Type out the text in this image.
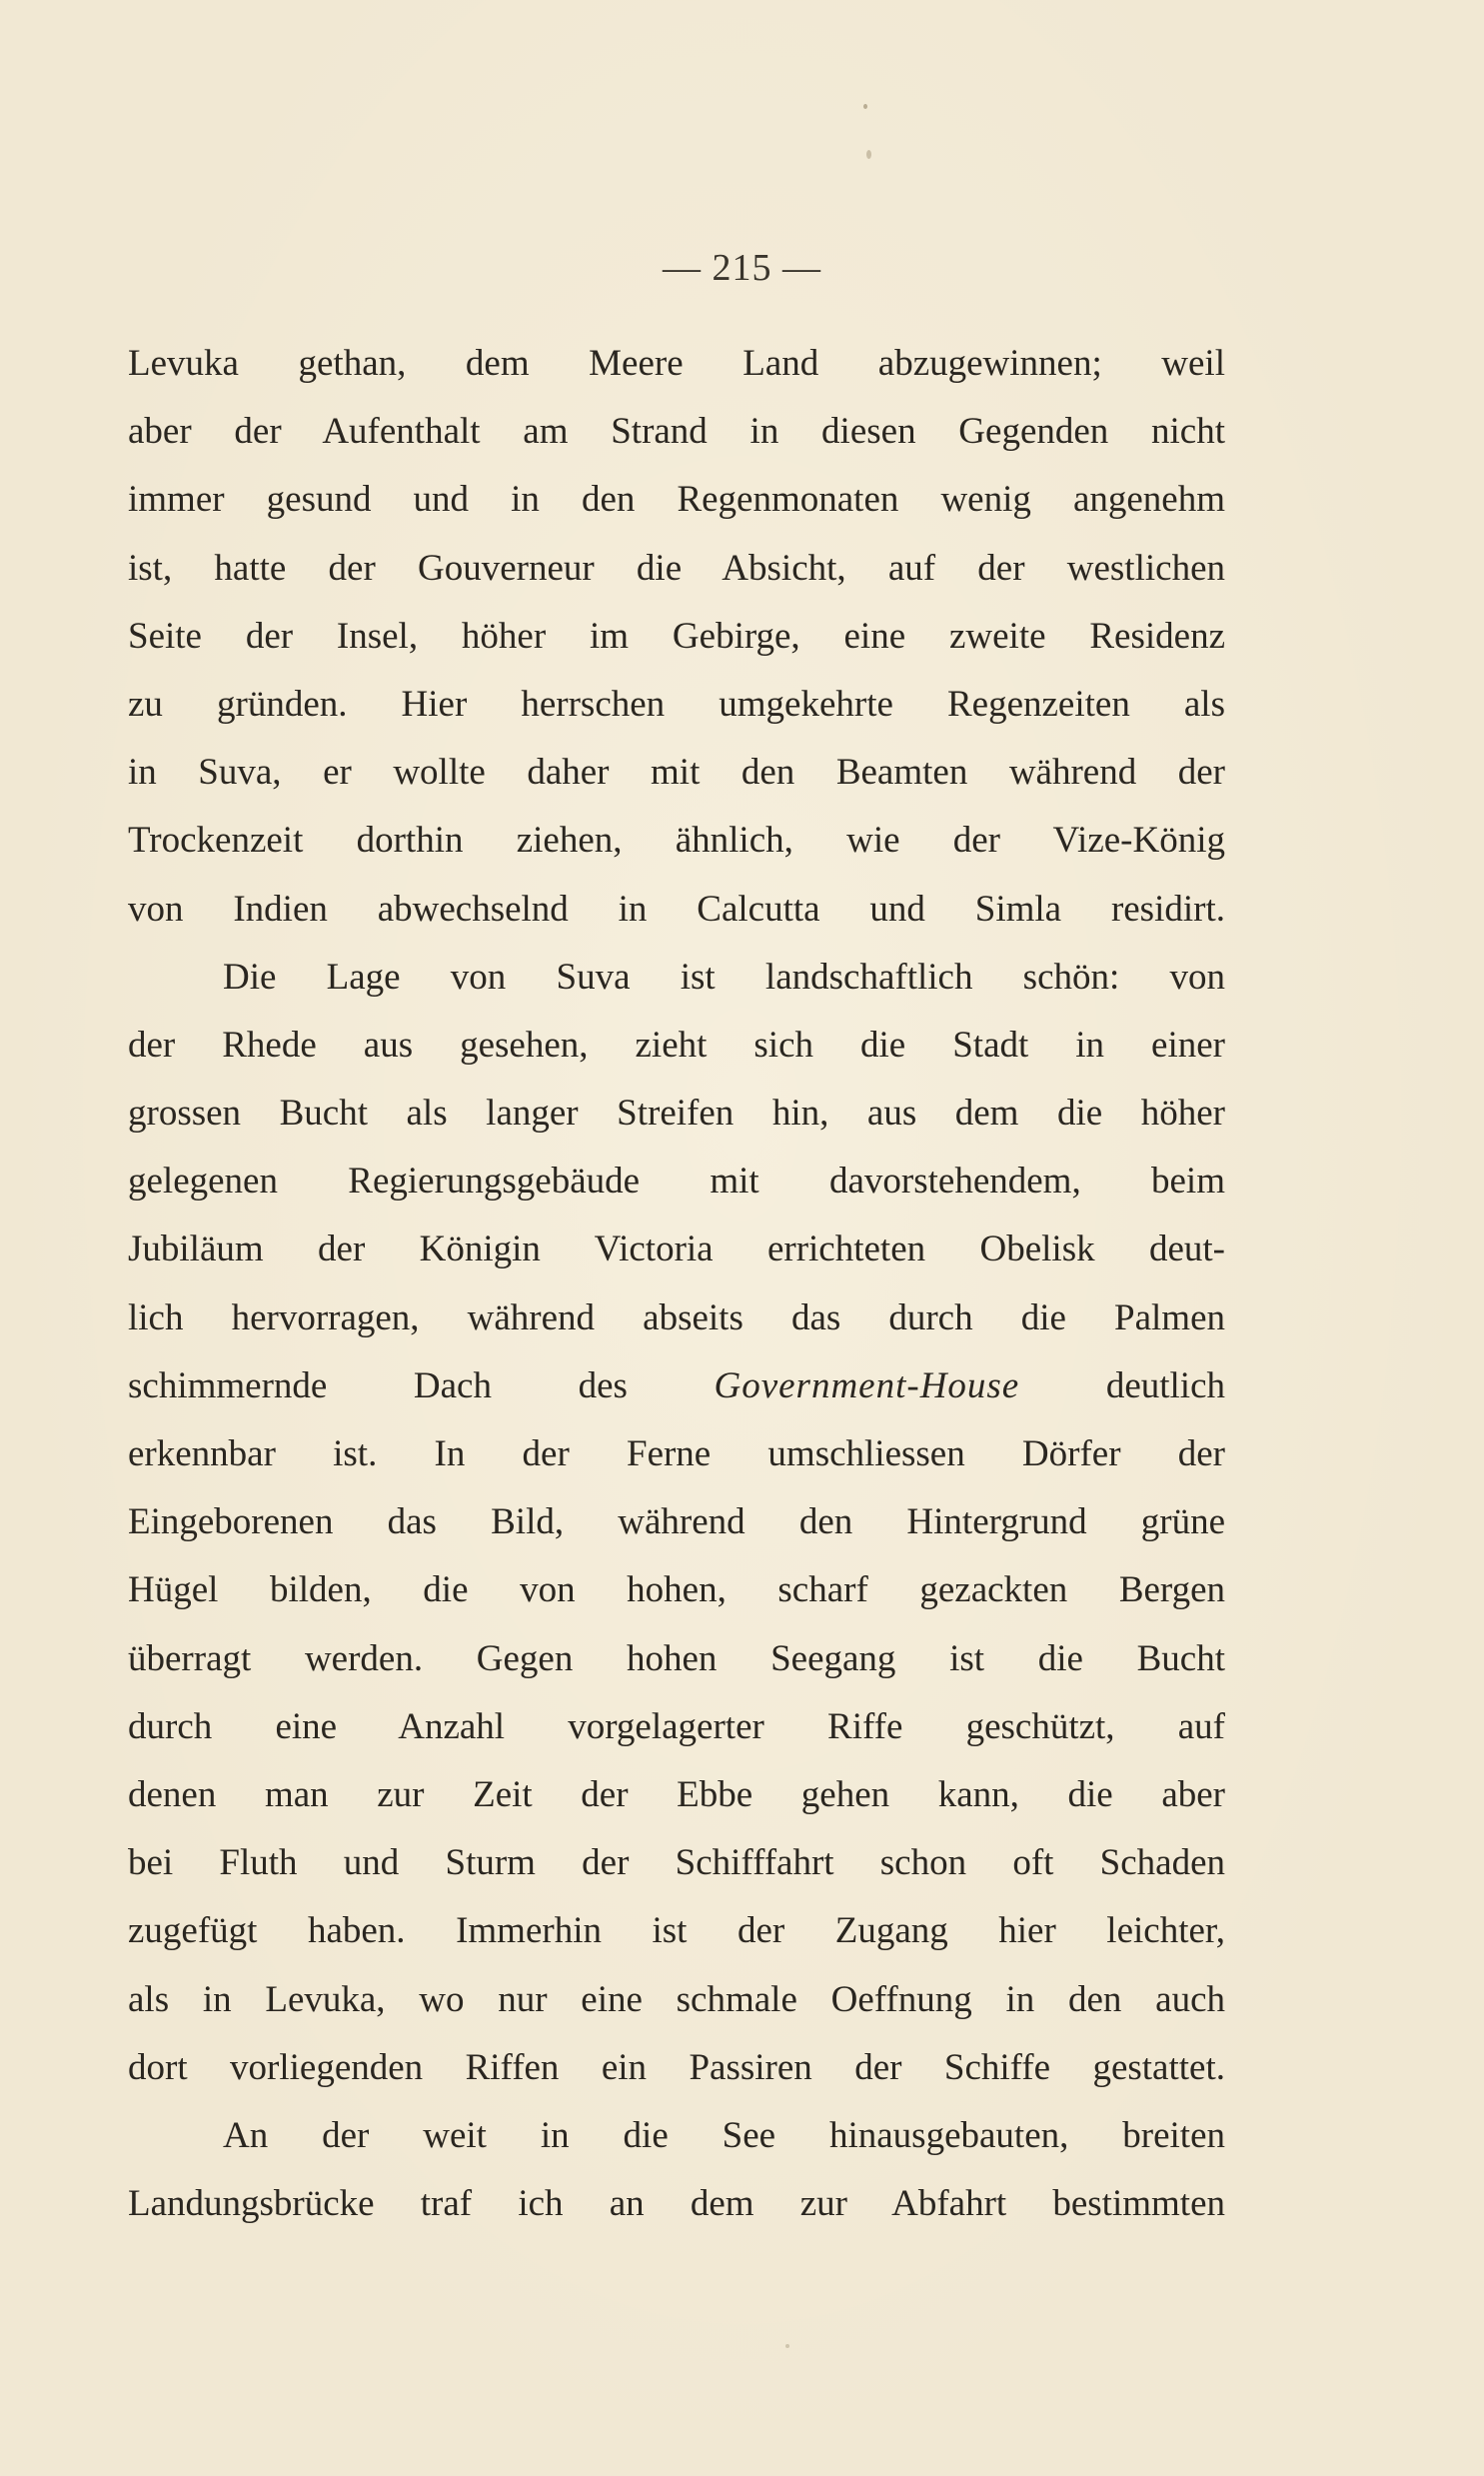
— 215 —
Levuka gethan, dem Meere Land abzugewinnen; weil
aber der Aufenthalt am Strand in diesen Gegenden nicht
immer gesund und in den Regenmonaten wenig angenehm
ist, hatte der Gouverneur die Absicht, auf der westlichen
Seite der Insel, höher im Gebirge, eine zweite Residenz
zu gründen. Hier herrschen umgekehrte Regenzeiten als
in Suva, er wollte daher mit den Beamten während der
Trockenzeit dorthin ziehen, ähnlich, wie der Vize-König
von Indien abwechselnd in Calcutta und Simla residirt.
Die Lage von Suva ist landschaftlich schön: von
der Rhede aus gesehen, zieht sich die Stadt in einer
grossen Bucht als langer Streifen hin, aus dem die höher
gelegenen Regierungsgebäude mit davorstehendem, beim
Jubiläum der Königin Victoria errichteten Obelisk deut-
lich hervorragen, während abseits das durch die Palmen
schimmernde Dach des Government-House deutlich
erkennbar ist. In der Ferne umschliessen Dörfer der
Eingeborenen das Bild, während den Hintergrund grüne
Hügel bilden, die von hohen, scharf gezackten Bergen
überragt werden. Gegen hohen Seegang ist die Bucht
durch eine Anzahl vorgelagerter Riffe geschützt, auf
denen man zur Zeit der Ebbe gehen kann, die aber
bei Fluth und Sturm der Schifffahrt schon oft Schaden
zugefügt haben. Immerhin ist der Zugang hier leichter,
als in Levuka, wo nur eine schmale Oeffnung in den auch
dort vorliegenden Riffen ein Passiren der Schiffe gestattet.
An der weit in die See hinausgebauten, breiten
Landungsbrücke traf ich an dem zur Abfahrt bestimmten
